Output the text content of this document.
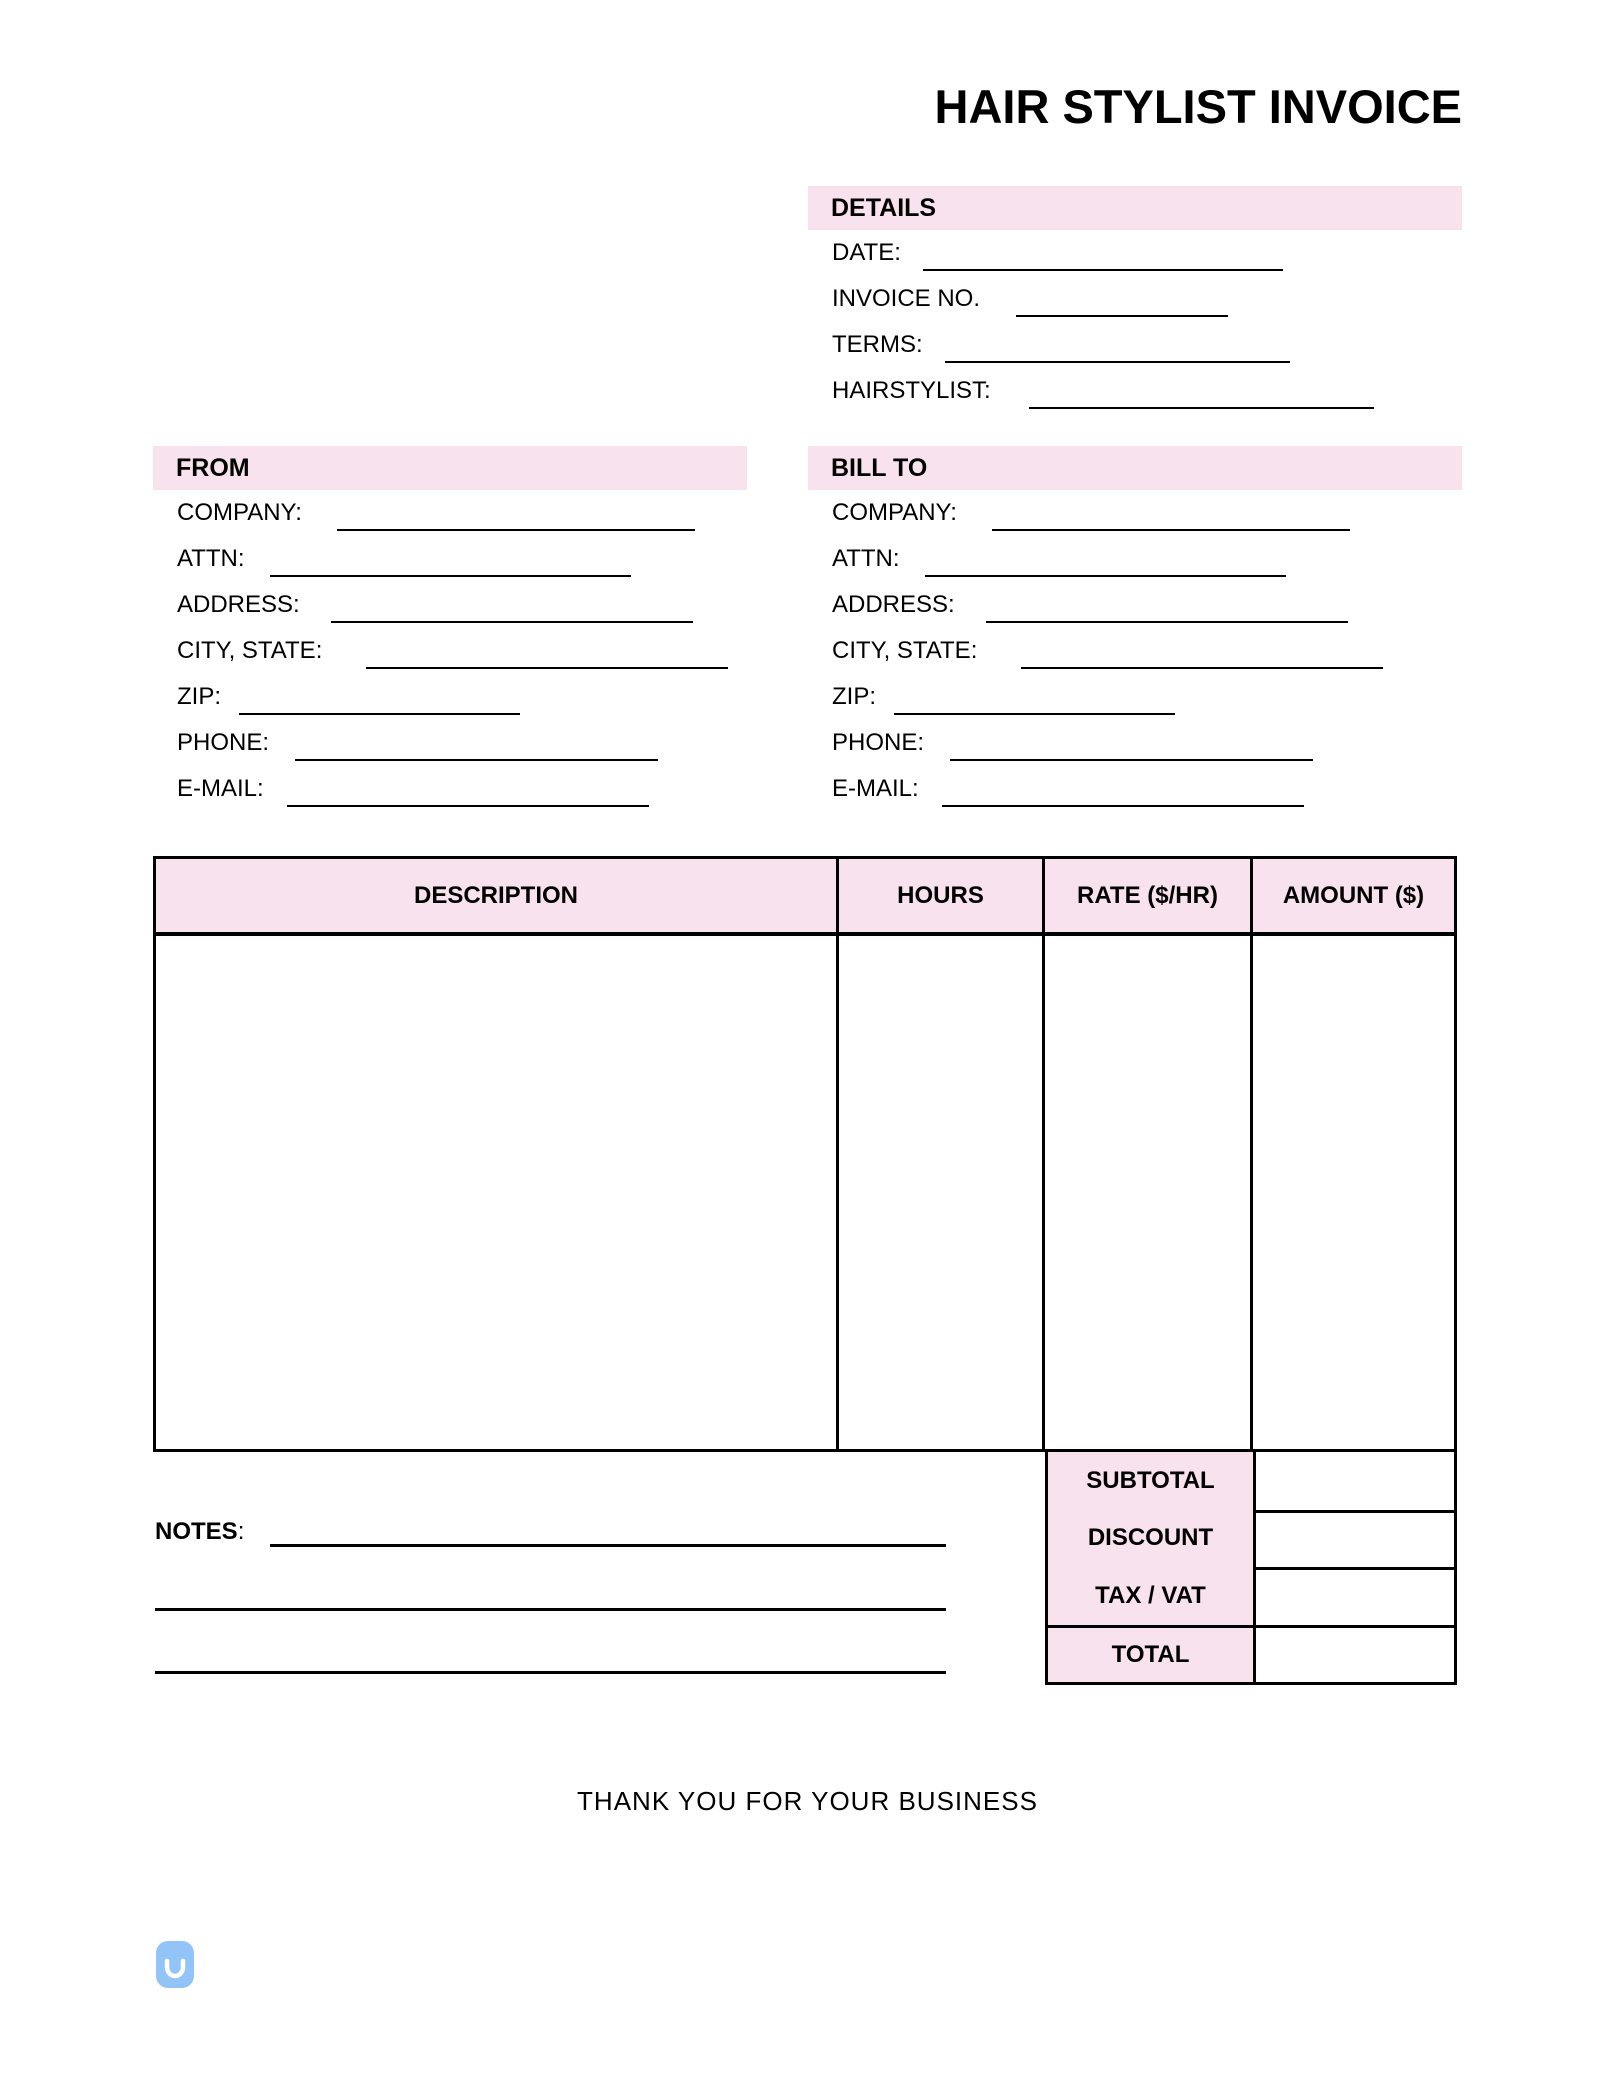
HAIR STYLIST INVOICE
DETAILS
DATE:
INVOICE NO.
TERMS:
HAIRSTYLIST:
FROM
COMPANY:
ATTN:
ADDRESS:
CITY, STATE:
ZIP:
PHONE:
E-MAIL:
BILL TO
COMPANY:
ATTN:
ADDRESS:
CITY, STATE:
ZIP:
PHONE:
E-MAIL:
DESCRIPTION	HOURS	RATE ($/HR)	AMOUNT ($)
SUBTOTAL
DISCOUNT
TAX / VAT
TOTAL
NOTES:
THANK YOU FOR YOUR BUSINESS
